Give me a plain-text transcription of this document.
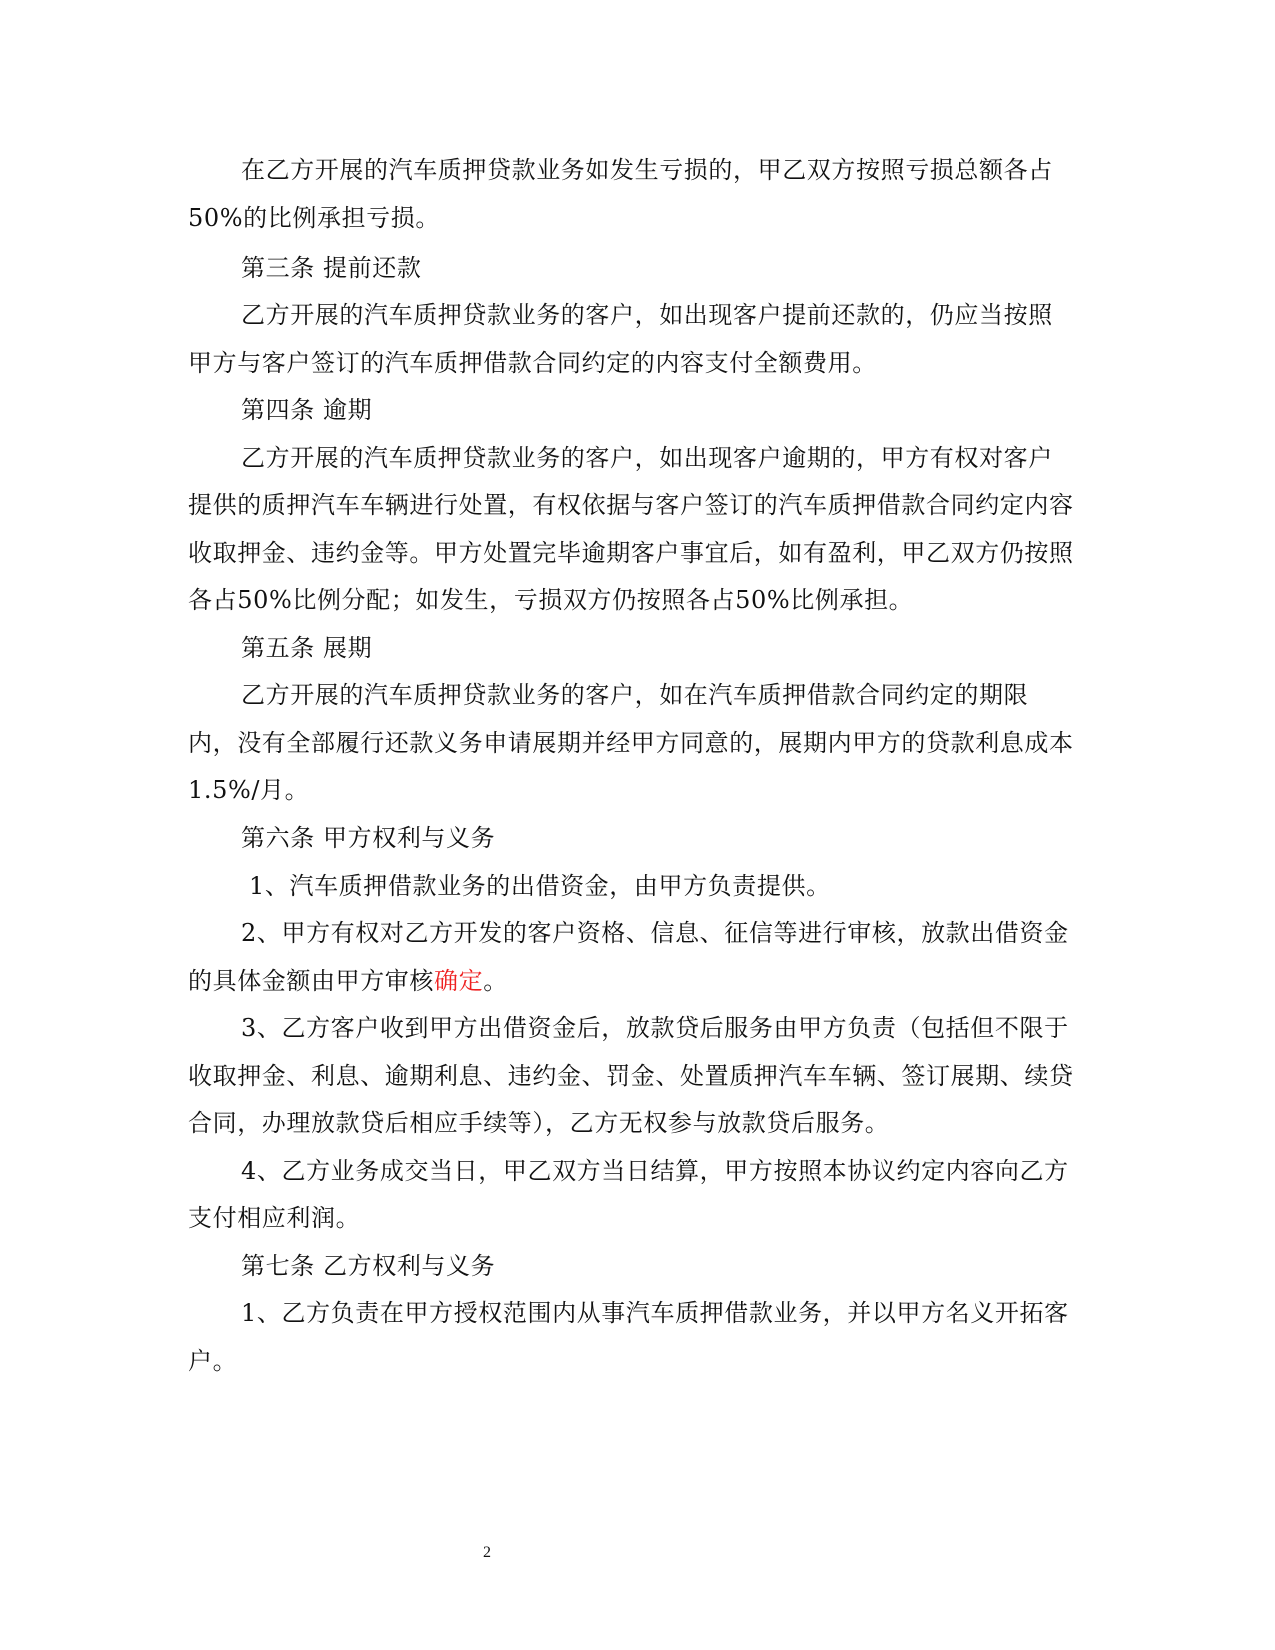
在乙方开展的汽车质押贷款业务如发生亏损的，甲乙双方按照亏损总额各占
50%的比例承担亏损。
第三条 提前还款
乙方开展的汽车质押贷款业务的客户，如出现客户提前还款的，仍应当按照
甲方与客户签订的汽车质押借款合同约定的内容支付全额费用。
第四条 逾期
乙方开展的汽车质押贷款业务的客户，如出现客户逾期的，甲方有权对客户
提供的质押汽车车辆进行处置，有权依据与客户签订的汽车质押借款合同约定内容
收取押金、违约金等。甲方处置完毕逾期客户事宜后，如有盈利，甲乙双方仍按照
各占50%比例分配；如发生，亏损双方仍按照各占50%比例承担。
第五条 展期
乙方开展的汽车质押贷款业务的客户，如在汽车质押借款合同约定的期限
内，没有全部履行还款义务申请展期并经甲方同意的，展期内甲方的贷款利息成本
1.5%/月。
第六条 甲方权利与义务
1、汽车质押借款业务的出借资金，由甲方负责提供。
2、甲方有权对乙方开发的客户资格、信息、征信等进行审核，放款出借资金
的具体金额由甲方审核确定。
3、乙方客户收到甲方出借资金后，放款贷后服务由甲方负责（包括但不限于
收取押金、利息、逾期利息、违约金、罚金、处置质押汽车车辆、签订展期、续贷
合同，办理放款贷后相应手续等），乙方无权参与放款贷后服务。
4、乙方业务成交当日，甲乙双方当日结算，甲方按照本协议约定内容向乙方
支付相应利润。
第七条 乙方权利与义务
1、乙方负责在甲方授权范围内从事汽车质押借款业务，并以甲方名义开拓客
户。
2
